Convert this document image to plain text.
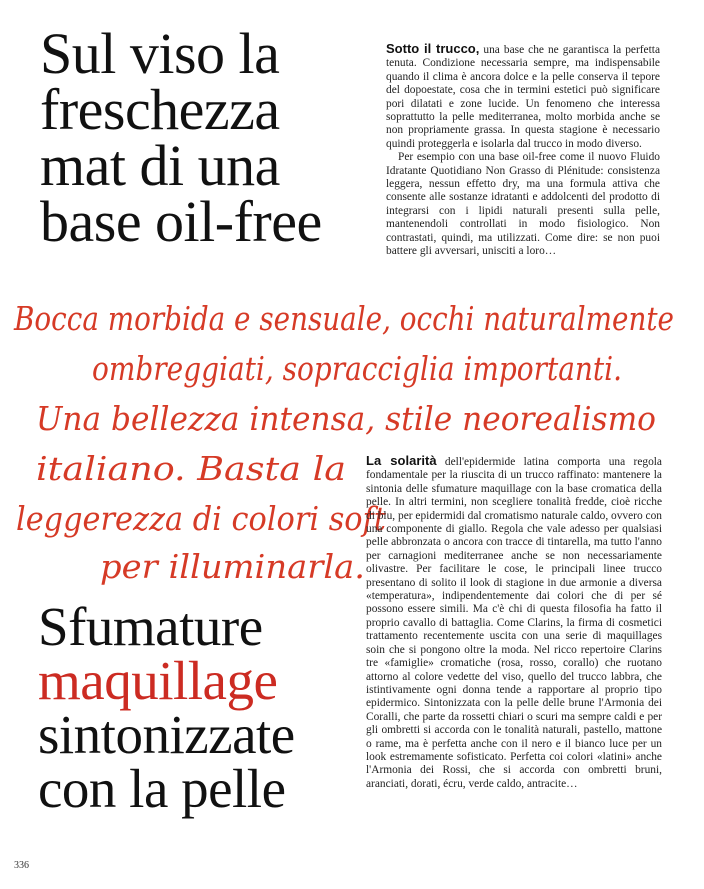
Sul viso la
freschezza
mat di una
base oil-free

Sotto il trucco, una base che ne garantisca la perfetta tenuta. Condizione necessaria sempre, ma indispensabile quando il clima è ancora dolce e la pelle conserva il tepore del dopoestate, cosa che in termini estetici può significare pori dilatati e zone lucide. Un fenomeno che interessa soprattutto la pelle mediterranea, molto morbida anche se non propriamente grassa. In questa stagione è necessario quindi proteggerla e isolarla dal trucco in modo diverso.

Per esempio con una base oil-free come il nuovo Fluido Idratante Quotidiano Non Grasso di Plénitude: consistenza leggera, nessun effetto dry, ma una formula attiva che consente alle sostanze idratanti e addolcenti del prodotto di integrarsi con i lipidi naturali presenti sulla pelle, mantenendoli controllati in modo fisiologico. Non contrastati, quindi, ma utilizzati. Come dire: se non puoi battere gli avversari, unisciti a loro…

Bocca morbida e sensuale, occhi naturalmente
ombreggiati, sopracciglia importanti.
Una bellezza intensa, stile neorealismo
italiano. Basta la
leggerezza di colori soft
per illuminarla.

La solarità dell'epidermide latina comporta una regola fondamentale per la riuscita di un trucco raffinato: mantenere la sintonia delle sfumature maquillage con la base cromatica della pelle. In altri termini, non scegliere tonalità fredde, cioè ricche di blu, per epidermidi dal cromatismo naturale caldo, ovvero con una componente di giallo. Regola che vale adesso per qualsiasi pelle abbronzata o ancora con tracce di tintarella, ma tutto l'anno per carnagioni mediterranee anche se non necessariamente olivastre. Per facilitare le cose, le principali linee trucco presentano di solito il look di stagione in due armonie a diversa «temperatura», indipendentemente dai colori che di per sé possono essere simili. Ma c'è chi di questa filosofia ha fatto il proprio cavallo di battaglia. Come Clarins, la firma di cosmetici trattamento recentemente uscita con una serie di maquillages soin che si pongono oltre la moda. Nel ricco repertoire Clarins tre «famiglie» cromatiche (rosa, rosso, corallo) che ruotano attorno al colore vedette del viso, quello del trucco labbra, che istintivamente ogni donna tende a rapportare al proprio tipo epidermico. Sintonizzata con la pelle delle brune l'Armonia dei Coralli, che parte da rossetti chiari o scuri ma sempre caldi e per gli ombretti si accorda con le tonalità naturali, pastello, mattone o rame, ma è perfetta anche con il nero e il bianco luce per un look estremamente sofisticato. Perfetta coi colori «latini» anche l'Armonia dei Rossi, che si accorda con ombretti bruni, aranciati, dorati, écru, verde caldo, antracite…

Sfumature
maquillage
sintonizzate
con la pelle
336
